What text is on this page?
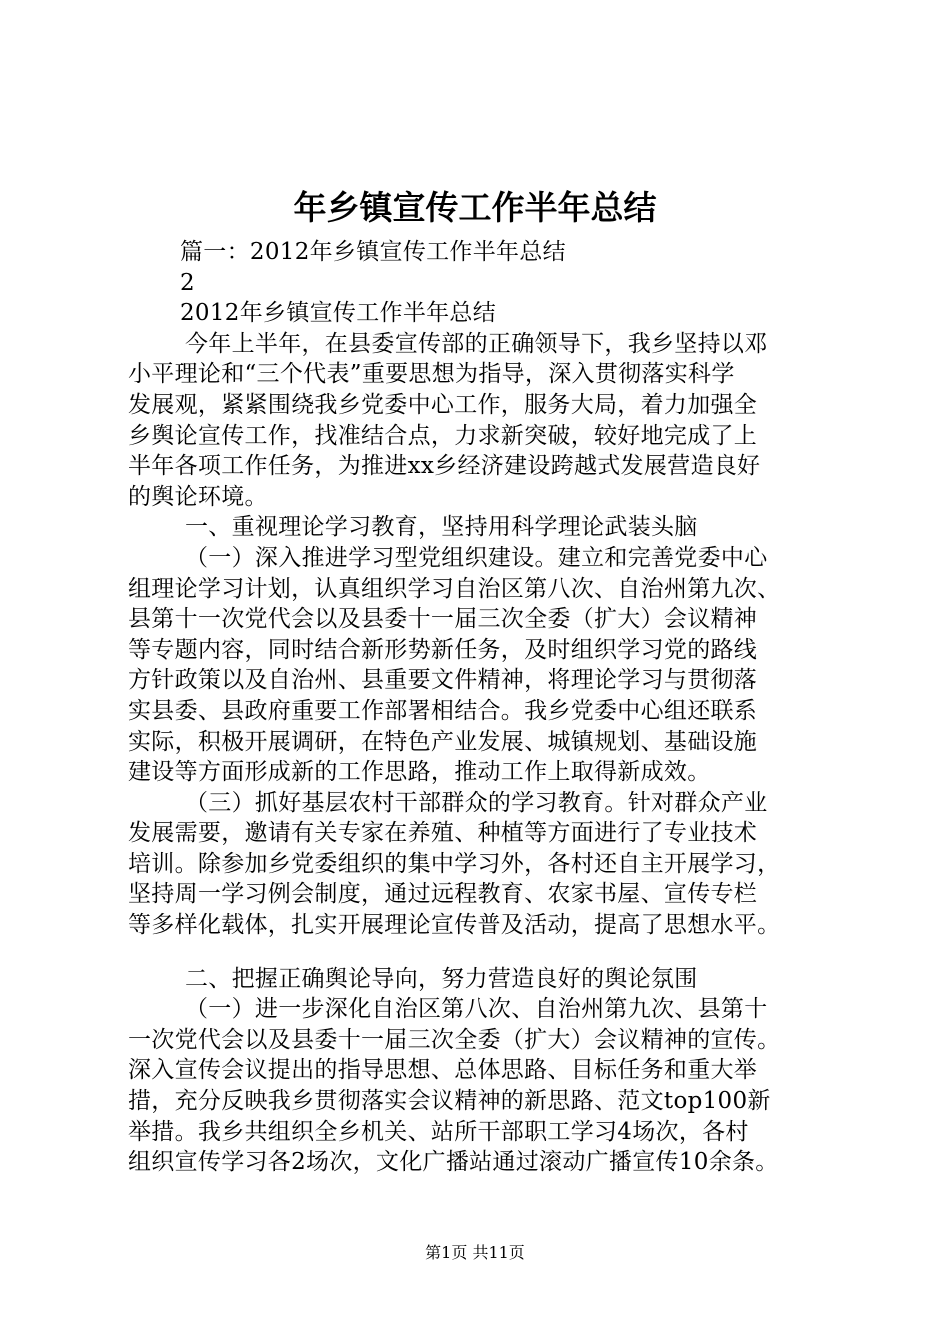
年乡镇宣传工作半年总结
篇一：2012年乡镇宣传工作半年总结
2
2012年乡镇宣传工作半年总结
今年上半年，在县委宣传部的正确领导下，我乡坚持以邓
小平理论和“三个代表”重要思想为指导，深入贯彻落实科学
发展观，紧紧围绕我乡党委中心工作，服务大局，着力加强全
乡舆论宣传工作，找准结合点，力求新突破，较好地完成了上
半年各项工作任务，为推进xx乡经济建设跨越式发展营造良好
的舆论环境。
一、重视理论学习教育，坚持用科学理论武装头脑
（一）深入推进学习型党组织建设。建立和完善党委中心
组理论学习计划，认真组织学习自治区第八次、自治州第九次、
县第十一次党代会以及县委十一届三次全委（扩大）会议精神
等专题内容，同时结合新形势新任务，及时组织学习党的路线
方针政策以及自治州、县重要文件精神，将理论学习与贯彻落
实县委、县政府重要工作部署相结合。我乡党委中心组还联系
实际，积极开展调研，在特色产业发展、城镇规划、基础设施
建设等方面形成新的工作思路，推动工作上取得新成效。
（三）抓好基层农村干部群众的学习教育。针对群众产业
发展需要，邀请有关专家在养殖、种植等方面进行了专业技术
培训。除参加乡党委组织的集中学习外，各村还自主开展学习，
坚持周一学习例会制度，通过远程教育、农家书屋、宣传专栏
等多样化载体，扎实开展理论宣传普及活动，提高了思想水平。
二、把握正确舆论导向，努力营造良好的舆论氛围
（一）进一步深化自治区第八次、自治州第九次、县第十
一次党代会以及县委十一届三次全委（扩大）会议精神的宣传。
深入宣传会议提出的指导思想、总体思路、目标任务和重大举
措，充分反映我乡贯彻落实会议精神的新思路、范文top100新
举措。我乡共组织全乡机关、站所干部职工学习4场次，各村
组织宣传学习各2场次，文化广播站通过滚动广播宣传10余条。
第1页 共11页
